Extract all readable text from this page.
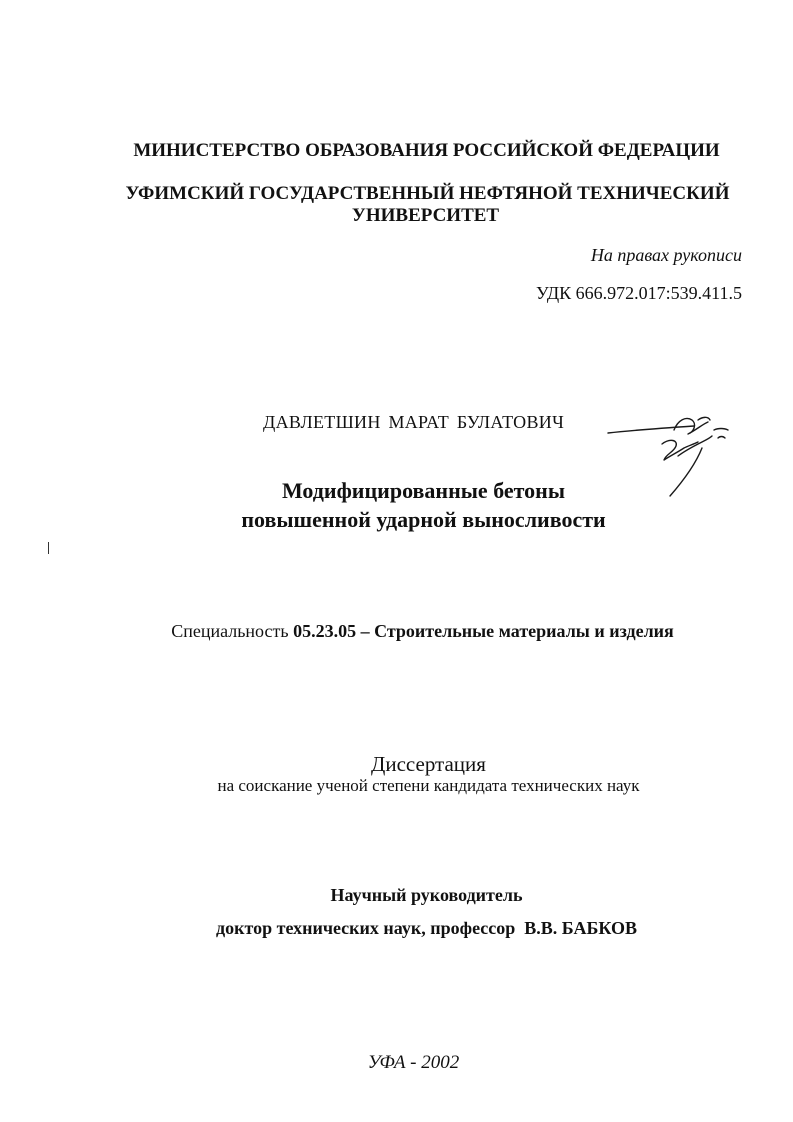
МИНИСТЕРСТВО ОБРАЗОВАНИЯ РОССИЙСКОЙ ФЕДЕРАЦИИ
УФИМСКИЙ ГОСУДАРСТВЕННЫЙ НЕФТЯНОЙ ТЕХНИЧЕСКИЙ
УНИВЕРСИТЕТ
На правах рукописи
УДК 666.972.017:539.411.5
ДАВЛЕТШИН МАРАТ БУЛАТОВИЧ
Модифицированные бетоны
повышенной ударной выносливости
Специальность 05.23.05 – Строительные материалы и изделия
Диссертация
на соискание ученой степени кандидата технических наук
Научный руководитель
доктор технических наук, профессор  В.В. БАБКОВ
УФА - 2002
